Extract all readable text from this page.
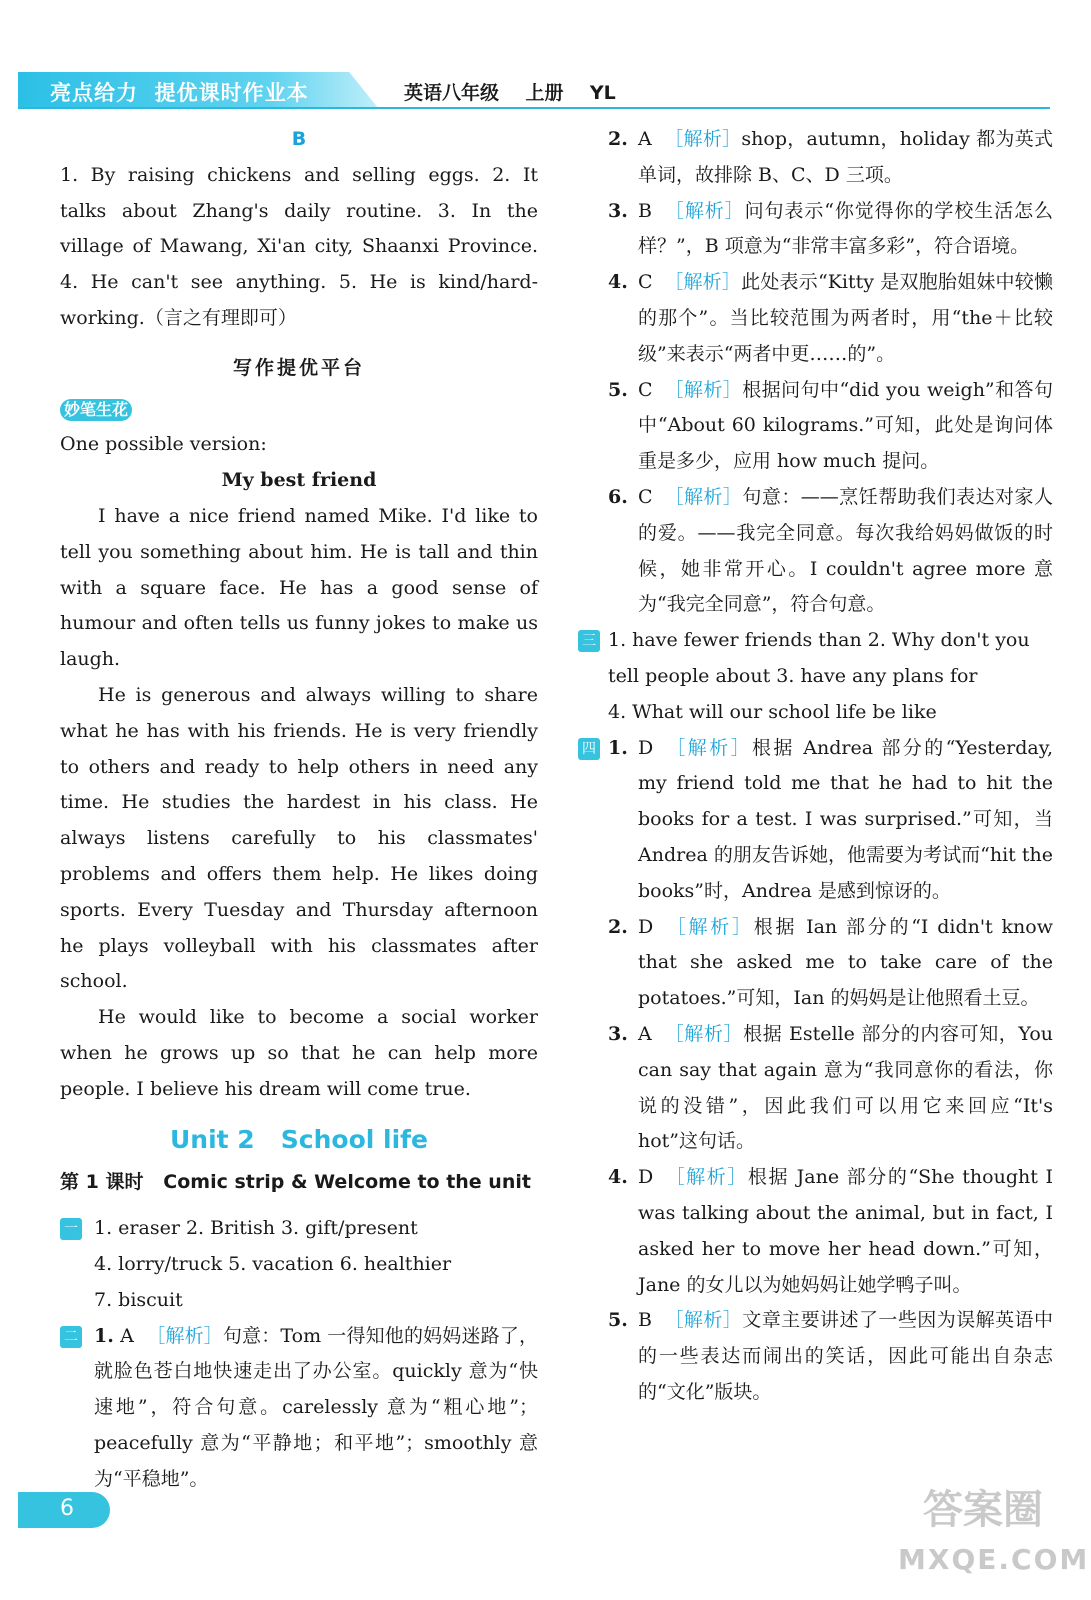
亮点给力  提优课时作业本	英语八年级    上册    YL

B

1. By raising chickens and selling eggs. 2. It talks about Zhang's daily routine. 3. In the village of Mawang, Xi'an city, Shaanxi Province. 4. He can't see anything. 5. He is kind/hard-working.（言之有理即可）

写作提优平台

妙笔生花

One possible version:

My best friend

I have a nice friend named Mike. I'd like to tell you something about him. He is tall and thin with a square face. He has a good sense of humour and often tells us funny jokes to make us laugh.

He is generous and always willing to share what he has with his friends. He is very friendly to others and ready to help others in need any time. He studies the hardest in his class. He always listens carefully to his classmates' problems and offers them help. He likes doing sports. Every Tuesday and Thursday afternoon he plays volleyball with his classmates after school.

He would like to become a social worker when he grows up so that he can help more people. I believe his dream will come true.

Unit 2   School life

第 1 课时   Comic strip & Welcome to the unit

一 1. eraser 2. British 3. gift/present

4. lorry/truck 5. vacation 6. healthier

7. biscuit

二 1. A ［解析］句意：Tom 一得知他的妈妈迷路了，就脸色苍白地快速走出了办公室。quickly 意为“快速地”，符合句意。carelessly 意为“粗心地”；peacefully 意为“平静地；和平地”；smoothly 意为“平稳地”。

2. A ［解析］shop，autumn，holiday 都为英式单词，故排除 B、C、D 三项。

3. B ［解析］问句表示“你觉得你的学校生活怎么样？”，B 项意为“非常丰富多彩”，符合语境。

4. C ［解析］此处表示“Kitty 是双胞胎姐妹中较懒的那个”。当比较范围为两者时，用“the＋比较级”来表示“两者中更……的”。

5. C ［解析］根据问句中“did you weigh”和答句中“About 60 kilograms.”可知，此处是询问体重是多少，应用 how much 提问。

6. C ［解析］句意：——烹饪帮助我们表达对家人的爱。——我完全同意。每次我给妈妈做饭的时候，她非常开心。I couldn't agree more 意为“我完全同意”，符合句意。

三 1. have fewer friends than 2. Why don't you

tell people about 3. have any plans for

4. What will our school life be like

四 1. D ［解析］根据 Andrea 部分的“Yesterday, my friend told me that he had to hit the books for a test. I was surprised.”可知，当 Andrea 的朋友告诉她，他需要为考试而“hit the books”时，Andrea 是感到惊讶的。

2. D ［解析］根据 Ian 部分的“I didn't know that she asked me to take care of the potatoes.”可知，Ian 的妈妈是让他照看土豆。

3. A ［解析］根据 Estelle 部分的内容可知，You can say that again 意为“我同意你的看法，你说的没错”，因此我们可以用它来回应“It's hot”这句话。

4. D ［解析］根据 Jane 部分的“She thought I was talking about the animal, but in fact, I asked her to move her head down.”可知，Jane 的女儿以为她妈妈让她学鸭子叫。

5. B ［解析］文章主要讲述了一些因为误解英语中的一些表达而闹出的笑话，因此可能出自杂志的“文化”版块。

6	答案圈
MXQE.COM
